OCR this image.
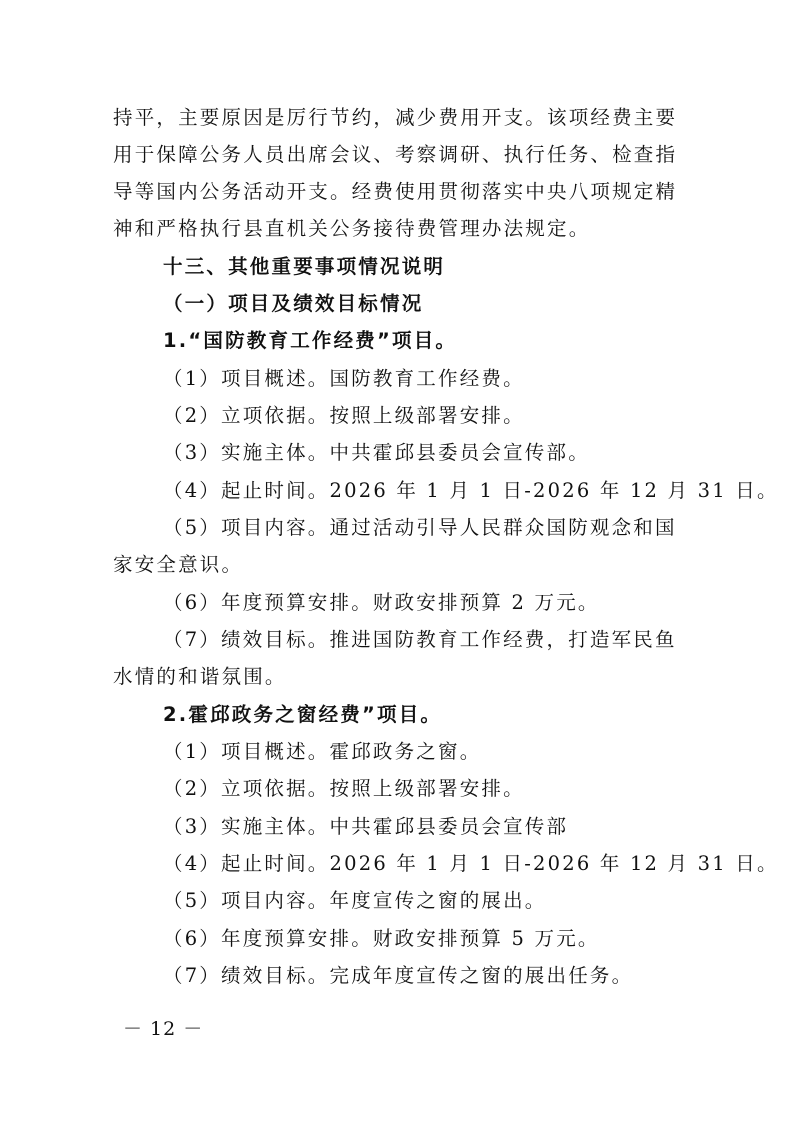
持平，主要原因是厉行节约，减少费用开支。该项经费主要
用于保障公务人员出席会议、考察调研、执行任务、检查指
导等国内公务活动开支。经费使用贯彻落实中央八项规定精
神和严格执行县直机关公务接待费管理办法规定。
十三、其他重要事项情况说明
（一）项目及绩效目标情况
1.“国防教育工作经费”项目。
（1）项目概述。国防教育工作经费。
（2）立项依据。按照上级部署安排。
（3）实施主体。中共霍邱县委员会宣传部。
（4）起止时间。2026 年 1 月 1 日-2026 年 12 月 31 日。
（5）项目内容。通过活动引导人民群众国防观念和国
家安全意识。
（6）年度预算安排。财政安排预算 2 万元。
（7）绩效目标。推进国防教育工作经费，打造军民鱼
水情的和谐氛围。
2.霍邱政务之窗经费”项目。
（1）项目概述。霍邱政务之窗。
（2）立项依据。按照上级部署安排。
（3）实施主体。中共霍邱县委员会宣传部
（4）起止时间。2026 年 1 月 1 日-2026 年 12 月 31 日。
（5）项目内容。年度宣传之窗的展出。
（6）年度预算安排。财政安排预算 5 万元。
（7）绩效目标。完成年度宣传之窗的展出任务。
－ 12 －
